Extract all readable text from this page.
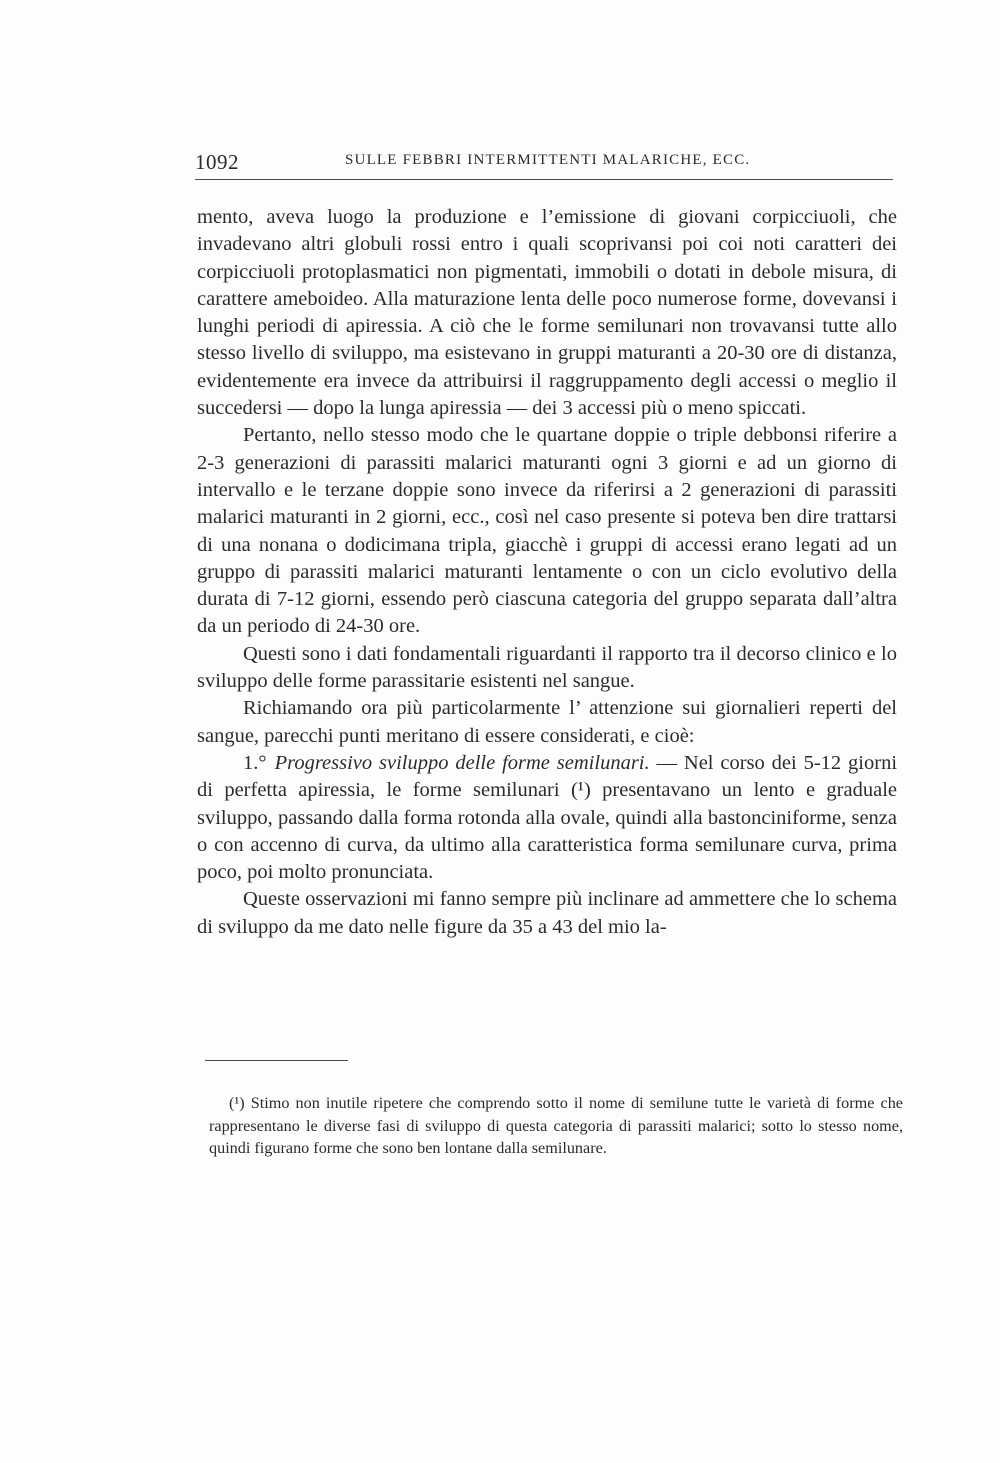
1092	SULLE FEBBRI INTERMITTENTI MALARICHE, ECC.

mento, aveva luogo la produzione e l’emissione di giovani corpicciuoli, che invadevano altri globuli rossi entro i quali scoprivansi poi coi noti caratteri dei corpicciuoli protoplasmatici non pigmentati, immobili o dotati in debole misura, di carattere ameboideo. Alla maturazione lenta delle poco numerose forme, dovevansi i lunghi periodi di apiressia. A ciò che le forme semilunari non trovavansi tutte allo stesso livello di sviluppo, ma esistevano in gruppi maturanti a 20-30 ore di distanza, evidentemente era invece da attribuirsi il raggruppamento degli accessi o meglio il succedersi — dopo la lunga apiressia — dei 3 accessi più o meno spiccati.

Pertanto, nello stesso modo che le quartane doppie o triple debbonsi riferire a 2-3 generazioni di parassiti malarici maturanti ogni 3 giorni e ad un giorno di intervallo e le terzane doppie sono invece da riferirsi a 2 generazioni di parassiti malarici maturanti in 2 giorni, ecc., così nel caso presente si poteva ben dire trattarsi di una nonana o dodicimana tripla, giacchè i gruppi di accessi erano legati ad un gruppo di parassiti malarici maturanti lentamente o con un ciclo evolutivo della durata di 7-12 giorni, essendo però ciascuna categoria del gruppo separata dall’altra da un periodo di 24-30 ore.

Questi sono i dati fondamentali riguardanti il rapporto tra il decorso clinico e lo sviluppo delle forme parassitarie esistenti nel sangue.

Richiamando ora più particolarmente l’ attenzione sui giornalieri reperti del sangue, parecchi punti meritano di essere considerati, e cioè:

1.° Progressivo sviluppo delle forme semilunari. — Nel corso dei 5-12 giorni di perfetta apiressia, le forme semilunari (¹) presentavano un lento e graduale sviluppo, passando dalla forma rotonda alla ovale, quindi alla bastonciniforme, senza o con accenno di curva, da ultimo alla caratteristica forma semilunare curva, prima poco, poi molto pronunciata.

Queste osservazioni mi fanno sempre più inclinare ad ammettere che lo schema di sviluppo da me dato nelle figure da 35 a 43 del mio la-

(¹) Stimo non inutile ripetere che comprendo sotto il nome di semilune tutte le varietà di forme che rappresentano le diverse fasi di sviluppo di questa categoria di parassiti malarici; sotto lo stesso nome, quindi figurano forme che sono ben lontane dalla semilunare.
